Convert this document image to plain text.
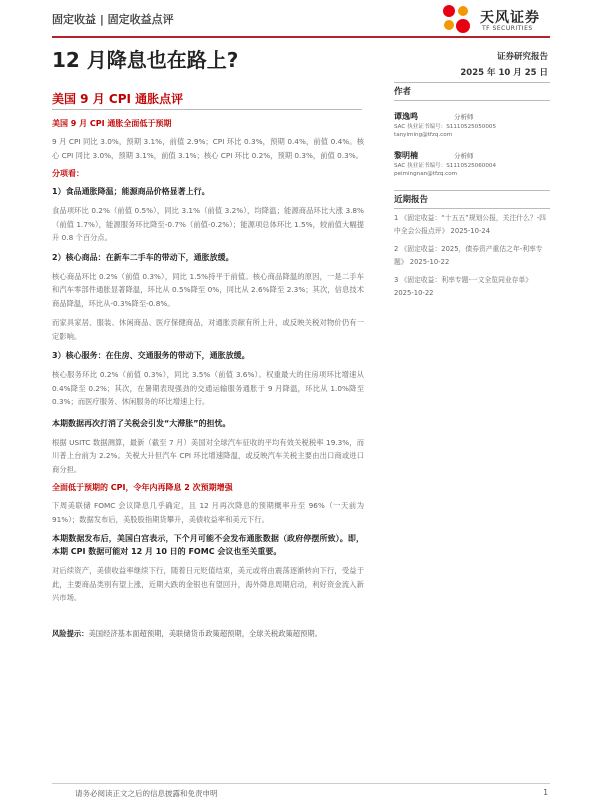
固定收益 | 固定收益点评	天风证券
TF SECURITIES
12 月降息也在路上?	证券研究报告
2025 年 10 月 25 日
美国 9 月 CPI 通胀点评
美国 9 月 CPI 通胀全面低于预期

9 月 CPI 同比 3.0%，预期 3.1%，前值 2.9%；CPI 环比 0.3%，预期 0.4%，前值 0.4%。核心 CPI 同比 3.0%，预期 3.1%，前值 3.1%；核心 CPI 环比 0.2%，预期 0.3%，前值 0.3%。

分项看：

1）食品通胀降温；能源商品价格显著上行。

食品项环比 0.2%（前值 0.5%），同比 3.1%（前值 3.2%），均降温；能源商品环比大涨 3.8%（前值 1.7%），能源服务环比降至-0.7%（前值-0.2%）；能源项总体环比 1.5%，较前值大幅提升 0.8 个百分点。

2）核心商品：在新车二手车的带动下，通胀放缓。

核心商品环比 0.2%（前值 0.3%），同比 1.5%持平于前值。核心商品降温的原因，一是二手车和汽车零部件通胀显著降温，环比从 0.5%降至 0%，同比从 2.6%降至 2.3%；其次，信息技术商品降温，环比从-0.3%降至-0.8%。

而家具家居、服装、休闲商品、医疗保健商品，对通胀贡献有所上升，或反映关税对物价仍有一定影响。

3）核心服务：在住房、交通服务的带动下，通胀放缓。

核心服务环比 0.2%（前值 0.3%），同比 3.5%（前值 3.6%）。权重最大的住房项环比增速从 0.4%降至 0.2%；其次，在暑期表现强劲的交通运输服务通胀于 9 月降温，环比从 1.0%降至 0.3%；而医疗服务、休闲服务的环比增速上行。

本期数据再次打消了关税会引发“大滞胀”的担忧。

根据 USITC 数据测算，最新（截至 7 月）美国对全球汽车征收的平均有效关税税率 19.3%，而川普上台前为 2.2%。关税大升但汽车 CPI 环比增速降温，或反映汽车关税主要由出口商或进口商分担。

全面低于预期的 CPI，令年内再降息 2 次预期增强

下周美联储 FOMC 会议降息几乎确定，且 12 月再次降息的预期概率升至 96%（一天前为 91%）；数据发布后，美股股指期货攀升，美债收益率和美元下行。

本期数据发布后，美国白宫表示，下个月可能不会发布通胀数据（政府停摆所致）。即，本期 CPI 数据可能对 12 月 10 日的 FOMC 会议也至关重要。

对后续资产，美债收益率继续下行，随着日元贬值结束，美元或将由震荡逐渐转向下行，受益于此，主要商品类别有望上涨，近期大跌的金银也有望回升，海外降息周期启动，利好资金流入新兴市场。

风险提示：美国经济基本面超预期，美联储货币政策超预期，全球关税政策超预期。

作者
谭逸鸣	分析师
SAC 执业证书编号：S1110525050005
tanyiming@tfzq.com
黎明楠	分析师
SAC 执业证书编号：S1110525060004
peimingnan@tfzq.com
近期报告
1 《固定收益：“十五五”规划公报，关注什么？-四中全会公报点评》 2025-10-24
2 《固定收益：2025，债券资产重估之年-利率专题》 2025-10-22
3 《固定收益：利率专题-一文全览同业存单》 2025-10-22
请务必阅读正文之后的信息披露和免责申明	1
